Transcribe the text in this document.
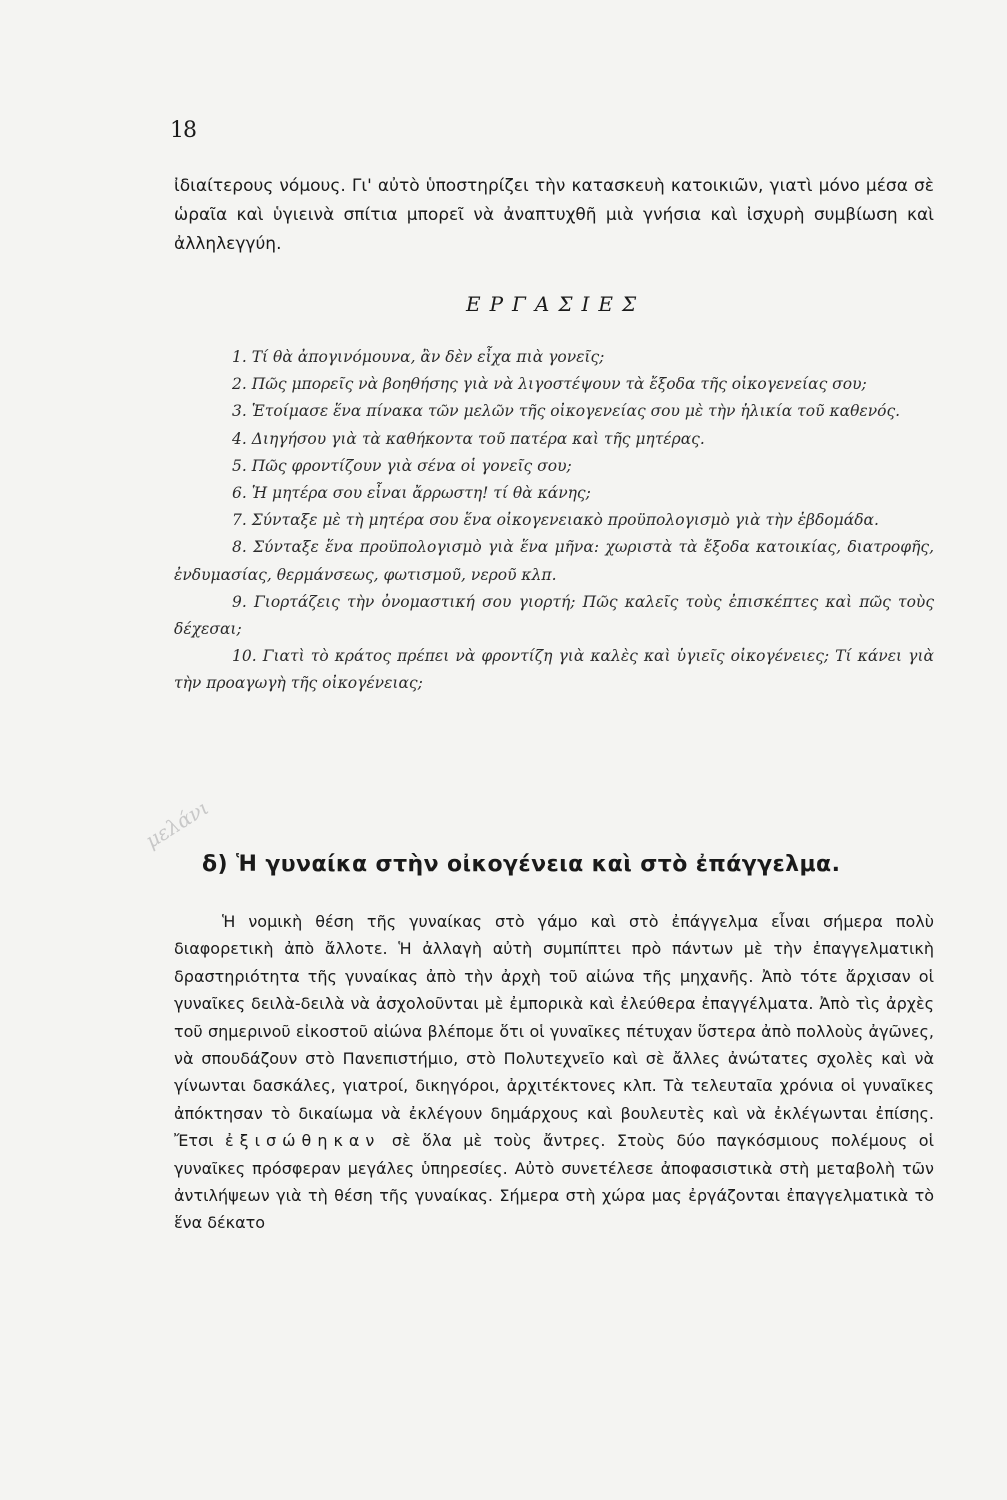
18

ἰδιαίτερους νόμους. Γι' αὐτὸ ὑποστηρίζει τὴν κατασκευὴ κατοικιῶν, γιατὶ μόνο μέσα σὲ ὡραῖα καὶ ὑγιεινὰ σπίτια μπορεῖ νὰ ἀναπτυχθῆ μιὰ γνήσια καὶ ἰσχυρὴ συμβίωση καὶ ἀλληλεγγύη.

ΕΡΓΑΣΙΕΣ

1. Τί θὰ ἀπογινόμουνα, ἂν δὲν εἶχα πιὰ γονεῖς;

2. Πῶς μπορεῖς νὰ βοηθήσης γιὰ νὰ λιγοστέψουν τὰ ἔξοδα τῆς οἰκογενείας σου;

3. Ἑτοίμασε ἕνα πίνακα τῶν μελῶν τῆς οἰκογενείας σου μὲ τὴν ἡλικία τοῦ καθενός.

4. Διηγήσου γιὰ τὰ καθήκοντα τοῦ πατέρα καὶ τῆς μητέρας.

5. Πῶς φροντίζουν γιὰ σένα οἱ γονεῖς σου;

6. Ἡ μητέρα σου εἶναι ἄρρωστη! τί θὰ κάνης;

7. Σύνταξε μὲ τὴ μητέρα σου ἕνα οἰκογενειακὸ προϋπολογισμὸ γιὰ τὴν ἑβδομάδα.

8. Σύνταξε ἕνα προϋπολογισμὸ γιὰ ἕνα μῆνα: χωριστὰ τὰ ἔξοδα κατοικίας, διατροφῆς, ἐνδυμασίας, θερμάνσεως, φωτισμοῦ, νεροῦ κλπ.

9. Γιορτάζεις τὴν ὀνομαστική σου γιορτή; Πῶς καλεῖς τοὺς ἐπισκέπτες καὶ πῶς τοὺς δέχεσαι;

10. Γιατὶ τὸ κράτος πρέπει νὰ φροντίζη γιὰ καλὲς καὶ ὑγιεῖς οἰκογένειες; Τί κάνει γιὰ τὴν προαγωγὴ τῆς οἰκογένειας;

μελάνι
δ) Ἡ γυναίκα στὴν οἰκογένεια καὶ στὸ ἐπάγγελμα.

Ἡ νομικὴ θέση τῆς γυναίκας στὸ γάμο καὶ στὸ ἐπάγγελμα εἶναι σήμερα πολὺ διαφορετικὴ ἀπὸ ἄλλοτε. Ἡ ἀλλαγὴ αὐτὴ συμπίπτει πρὸ πάντων μὲ τὴν ἐπαγγελματικὴ δραστηριότητα τῆς γυναίκας ἀπὸ τὴν ἀρχὴ τοῦ αἰώνα τῆς μηχανῆς. Ἀπὸ τότε ἄρχισαν οἱ γυναῖκες δειλὰ-δειλὰ νὰ ἀσχολοῦνται μὲ ἐμπορικὰ καὶ ἐλεύθερα ἐπαγγέλματα. Ἀπὸ τὶς ἀρχὲς τοῦ σημερινοῦ εἰκοστοῦ αἰώνα βλέπομε ὅτι οἱ γυναῖκες πέτυχαν ὕστερα ἀπὸ πολλοὺς ἀγῶνες, νὰ σπουδάζουν στὸ Πανεπιστήμιο, στὸ Πολυτεχνεῖο καὶ σὲ ἄλλες ἀνώτατες σχολὲς καὶ νὰ γίνωνται δασκάλες, γιατροί, δικηγόροι, ἀρχιτέκτονες κλπ. Τὰ τελευταῖα χρόνια οἱ γυναῖκες ἀπόκτησαν τὸ δικαίωμα νὰ ἐκλέγουν δημάρχους καὶ βουλευτὲς καὶ νὰ ἐκλέγωνται ἐπίσης. Ἔτσι ἐξισώθηκαν σὲ ὅλα μὲ τοὺς ἄντρες. Στοὺς δύο παγκόσμιους πολέμους οἱ γυναῖκες πρόσφεραν μεγάλες ὑπηρεσίες. Αὐτὸ συνετέλεσε ἀποφασιστικὰ στὴ μεταβολὴ τῶν ἀντιλήψεων γιὰ τὴ θέση τῆς γυναίκας. Σήμερα στὴ χώρα μας ἐργάζονται ἐπαγγελματικὰ τὸ ἕνα δέκατο
